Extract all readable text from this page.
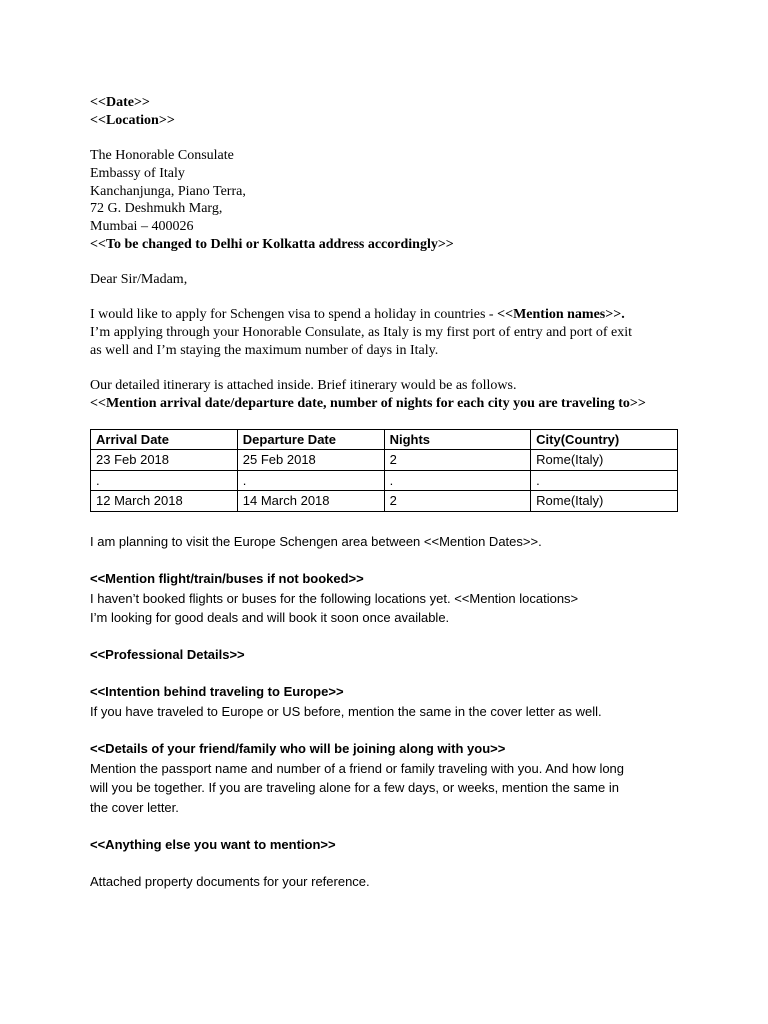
<<Date>>

<<Location>>

The Honorable Consulate

Embassy of Italy

Kanchanjunga, Piano Terra,

72 G. Deshmukh Marg,

Mumbai – 400026

<<To be changed to Delhi or Kolkatta address accordingly>>

Dear Sir/Madam,

I would like to apply for Schengen visa to spend a holiday in countries - <<Mention names>>.

I’m applying through your Honorable Consulate, as Italy is my first port of entry and port of exit

as well and I’m staying the maximum number of days in Italy.

Our detailed itinerary is attached inside. Brief itinerary would be as follows.

<<Mention arrival date/departure date, number of nights for each city you are traveling to>>

Arrival Date	Departure Date	Nights	City(Country)
23 Feb 2018	25 Feb 2018	2	Rome(Italy)
.	.	.	.
12 March 2018	14 March 2018	2	Rome(Italy)

I am planning to visit the Europe Schengen area between <<Mention Dates>>.

<<Mention flight/train/buses if not booked>>

I haven’t booked flights or buses for the following locations yet. <<Mention locations>

I’m looking for good deals and will book it soon once available.

<<Professional Details>>

<<Intention behind traveling to Europe>>

If you have traveled to Europe or US before, mention the same in the cover letter as well.

<<Details of your friend/family who will be joining along with you>>

Mention the passport name and number of a friend or family traveling with you. And how long

will you be together. If you are traveling alone for a few days, or weeks, mention the same in

the cover letter.

<<Anything else you want to mention>>

Attached property documents for your reference.
